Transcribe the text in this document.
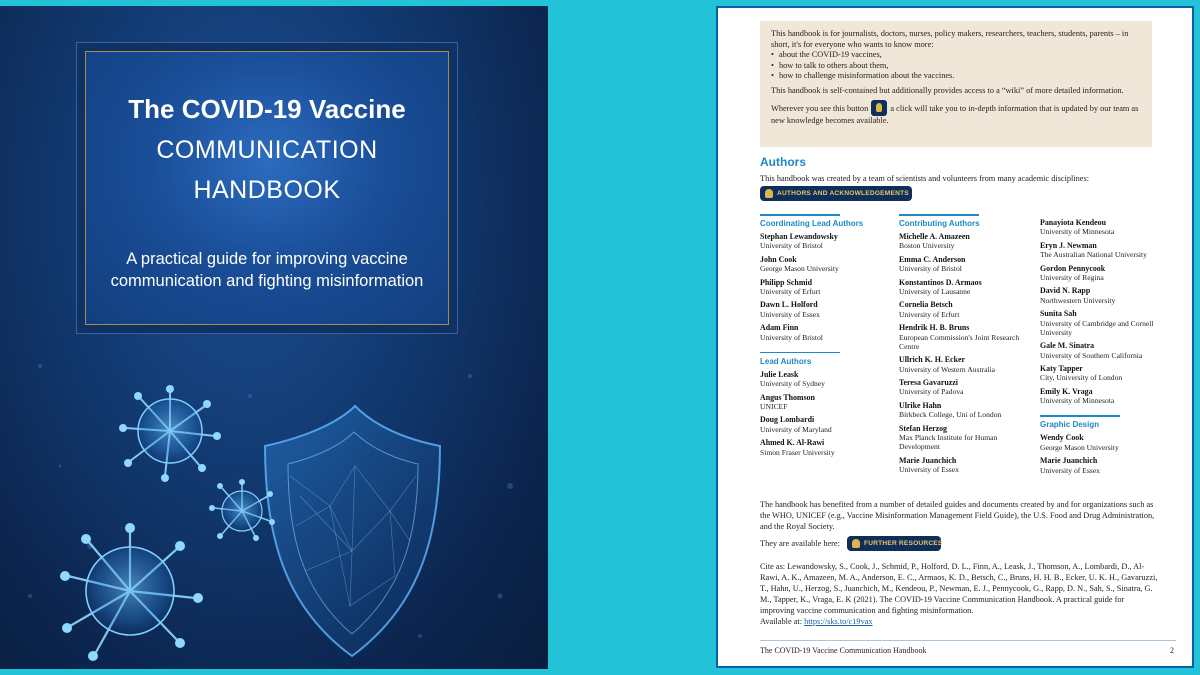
The COVID-19 Vaccine
COMMUNICATION
HANDBOOK
A practical guide for improving vaccine communication and fighting misinformation

This handbook is for journalists, doctors, nurses, policy makers, researchers, teachers, students, parents – in short, it's for everyone who wants to know more:

• about the COVID-19 vaccines,
• how to talk to others about them,
• how to challenge misinformation about the vaccines.

This handbook is self-contained but additionally provides access to a “wiki” of more detailed information.

Wherever you see this button	a click will take you to in-depth information that is updated by our team as new knowledge becomes available.

Authors
This handbook was created by a team of scientists and volunteers from many academic disciplines:
AUTHORS AND ACKNOWLEDGEMENTS
Coordinating Lead Authors
Stephan Lewandowsky
University of Bristol
John Cook
George Mason University
Philipp Schmid
University of Erfurt
Dawn L. Holford
University of Essex
Adam Finn
University of Bristol
Lead Authors
Julie Leask
University of Sydney
Angus Thomson
UNICEF
Doug Lombardi
University of Maryland
Ahmed K. Al-Rawi
Simon Fraser University
Contributing Authors
Michelle A. Amazeen
Boston University
Emma C. Anderson
University of Bristol
Konstantinos D. Armaos
University of Lausanne
Cornelia Betsch
University of Erfurt
Hendrik H. B. Bruns
European Commission's Joint Research Centre
Ullrich K. H. Ecker
University of Western Australia
Teresa Gavaruzzi
University of Padova
Ulrike Hahn
Birkbeck College, Uni of London
Stefan Herzog
Max Planck Institute for Human Development
Marie Juanchich
University of Essex
Panayiota Kendeou
University of Minnesota
Eryn J. Newman
The Australian National University
Gordon Pennycook
University of Regina
David N. Rapp
Northwestern University
Sunita Sah
University of Cambridge and Cornell University
Gale M. Sinatra
University of Southern California
Katy Tapper
City, University of London
Emily K. Vraga
University of Minnesota
Graphic Design
Wendy Cook
George Mason University
Marie Juanchich
University of Essex
The handbook has benefited from a number of detailed guides and documents created by and for organizations such as the WHO, UNICEF (e.g., Vaccine Misinformation Management Field Guide), the U.S. Food and Drug Administration, and the Royal Society.
They are available here:	FURTHER RESOURCES
Cite as: Lewandowsky, S., Cook, J., Schmid, P., Holford, D. L., Finn, A., Leask, J., Thomson, A., Lombardi, D., Al-Rawi, A. K., Amazeen, M. A., Anderson, E. C., Armaos, K. D., Betsch, C., Bruns, H. H. B., Ecker, U. K. H., Gavaruzzi, T., Hahn, U., Herzog, S., Juanchich, M., Kendeou, P., Newman, E. J., Pennycook, G., Rapp, D. N., Sah, S., Sinatra, G. M., Tapper, K., Vraga, E. K (2021). The COVID-19 Vaccine Communication Handbook. A practical guide for improving vaccine communication and fighting misinformation.
Available at: https://sks.to/c19vax
The COVID-19 Vaccine Communication Handbook	2
